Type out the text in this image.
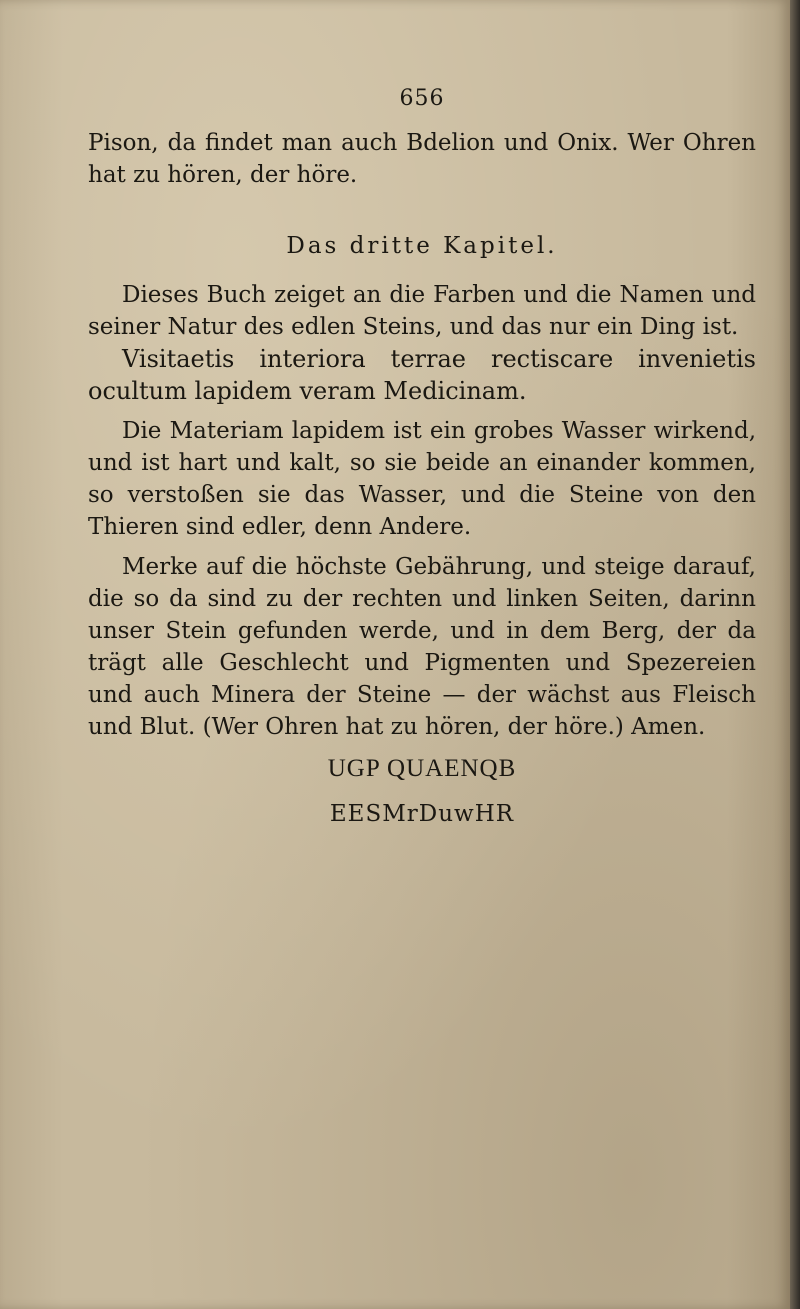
656

Pison, da findet man auch Bdelion und Onix. Wer Ohren hat zu hören, der höre.

Das dritte Kapitel.

Dieses Buch zeiget an die Farben und die Namen und seiner Natur des edlen Steins, und das nur ein Ding ist.

Visitaetis interiora terrae rectiscare invenietis ocultum lapidem veram Medicinam.

Die Materiam lapidem ist ein grobes Wasser wirkend, und ist hart und kalt, so sie beide an einander kommen, so verstoßen sie das Wasser, und die Steine von den Thieren sind edler, denn Andere.

Merke auf die höchste Gebährung, und steige darauf, die so da sind zu der rechten und linken Seiten, darinn unser Stein gefunden werde, und in dem Berg, der da trägt alle Geschlecht und Pigmenten und Spezereien und auch Minera der Steine — der wächst aus Fleisch und Blut. (Wer Ohren hat zu hören, der höre.) Amen.

UGP QUAENQB

EESMrDuwHR
